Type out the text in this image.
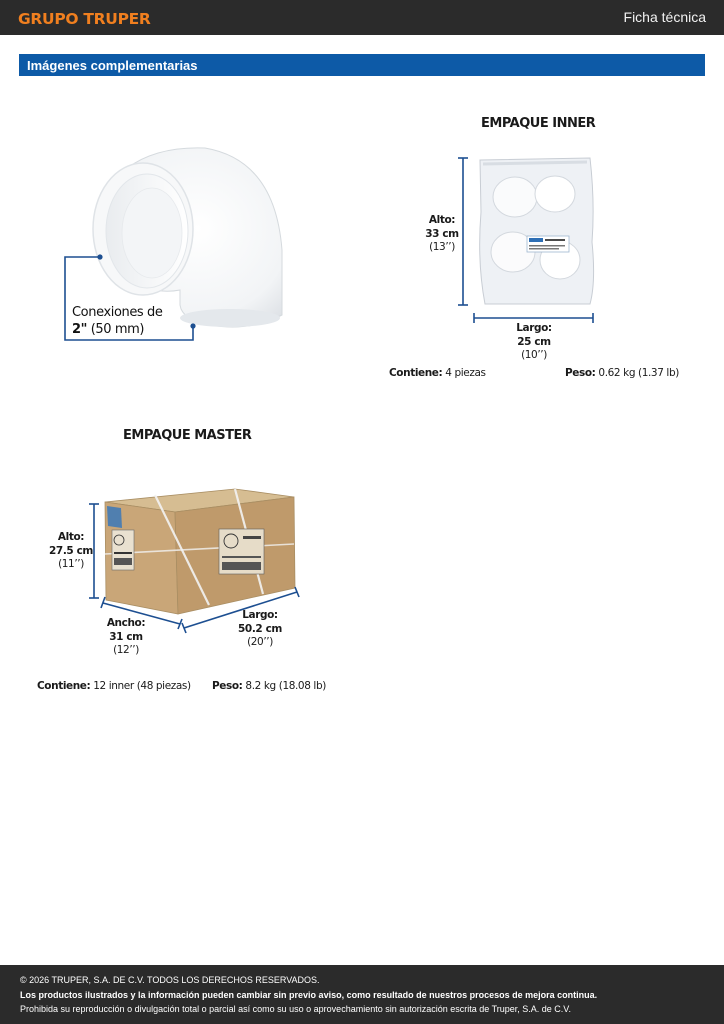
GRUPO TRUPER	Ficha técnica
Imágenes complementarias
Conexiones de
2" (50 mm)
EMPAQUE INNER
Alto:
33 cm
(13’’)
Largo:
25 cm
(10’’)
Contiene: 4 piezas	Peso: 0.62 kg (1.37 lb)
EMPAQUE MASTER
Alto:
27.5 cm
(11’’)
Ancho:
31 cm
(12’’)
Largo:
50.2 cm
(20’’)
Contiene: 12 inner (48 piezas) Peso: 8.2 kg (18.08 lb)
© 2026 TRUPER, S.A. DE C.V. TODOS LOS DERECHOS RESERVADOS.
Los productos ilustrados y la información pueden cambiar sin previo aviso, como resultado de nuestros procesos de mejora continua.
Prohibida su reproducción o divulgación total o parcial así como su uso o aprovechamiento sin autorización escrita de Truper, S.A. de C.V.
